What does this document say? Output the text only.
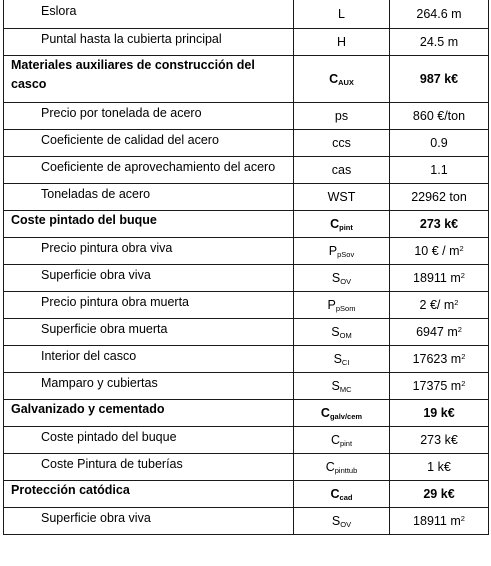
Eslora	L	264.6 m
Puntal hasta la cubierta principal	H	24.5 m
Materiales auxiliares de construcción del casco	$C_{AUX}$	987 k€
Precio por tonelada de acero	ps	860 €/ton
Coeficiente de calidad del acero	ccs	0.9
Coeficiente de aprovechamiento del acero	cas	1.1
Toneladas de acero	WST	22962 ton
Coste pintado del buque	$C_{pint}$	273 k€
Precio pintura obra viva	$P_{pSov}$	10 € / $m^2$
Superficie obra viva	$S_{OV}$	18911 $m^2$
Precio pintura obra muerta	$P_{pSom}$	2 €/ $m^2$
Superficie obra muerta	$S_{OM}$	6947 $m^2$
Interior del casco	$S_{CI}$	17623 $m^2$
Mamparo y cubiertas	$S_{MC}$	17375 $m^2$
Galvanizado y cementado	$C_{galv/cem}$	19 k€
Coste pintado del buque	$C_{pint}$	273 k€
Coste Pintura de tuberías	$C_{pinttub}$	1 k€
Protección catódica	$C_{cad}$	29 k€
Superficie obra viva	$S_{OV}$	18911 $m^2$
